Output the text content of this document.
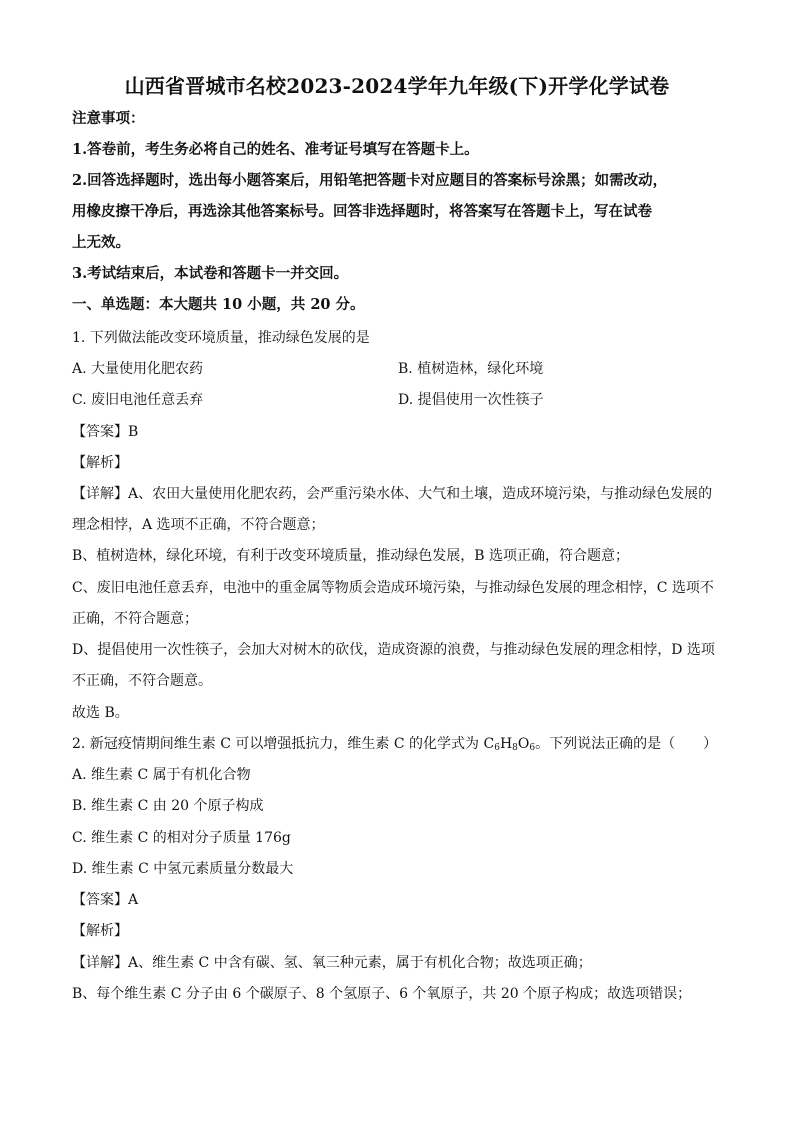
山西省晋城市名校2023-2024学年九年级(下)开学化学试卷
注意事项：
1.答卷前，考生务必将自己的姓名、准考证号填写在答题卡上。
2.回答选择题时，选出每小题答案后，用铅笔把答题卡对应题目的答案标号涂黑；如需改动，
用橡皮擦干净后，再选涂其他答案标号。回答非选择题时，将答案写在答题卡上，写在试卷
上无效。
3.考试结束后，本试卷和答题卡一并交回。
一、单选题：本大题共 10 小题，共 20 分。
1. 下列做法能改变环境质量，推动绿色发展的是
A. 大量使用化肥农药	B. 植树造林，绿化环境
C. 废旧电池任意丢弃	D. 提倡使用一次性筷子
【答案】B
【解析】
【详解】A、农田大量使用化肥农药，会严重污染水体、大气和土壤，造成环境污染，与推动绿色发展的
理念相悖，A 选项不正确，不符合题意；
B、植树造林，绿化环境，有利于改变环境质量，推动绿色发展，B 选项正确，符合题意；
C、废旧电池任意丢弃，电池中的重金属等物质会造成环境污染，与推动绿色发展的理念相悖，C 选项不
正确，不符合题意；
D、提倡使用一次性筷子，会加大对树木的砍伐，造成资源的浪费，与推动绿色发展的理念相悖，D 选项
不正确，不符合题意。
故选 B。
2. 新冠疫情期间维生素 C 可以增强抵抗力，维生素 C 的化学式为 $C_6H_8O_6$。下列说法正确的是（　　）
A. 维生素 C 属于有机化合物
B. 维生素 C 由 20 个原子构成
C. 维生素 C 的相对分子质量 176g
D. 维生素 C 中氢元素质量分数最大
【答案】A
【解析】
【详解】A、维生素 C 中含有碳、氢、氧三种元素，属于有机化合物；故选项正确；
B、每个维生素 C 分子由 6 个碳原子、8 个氢原子、6 个氧原子，共 20 个原子构成；故选项错误；
